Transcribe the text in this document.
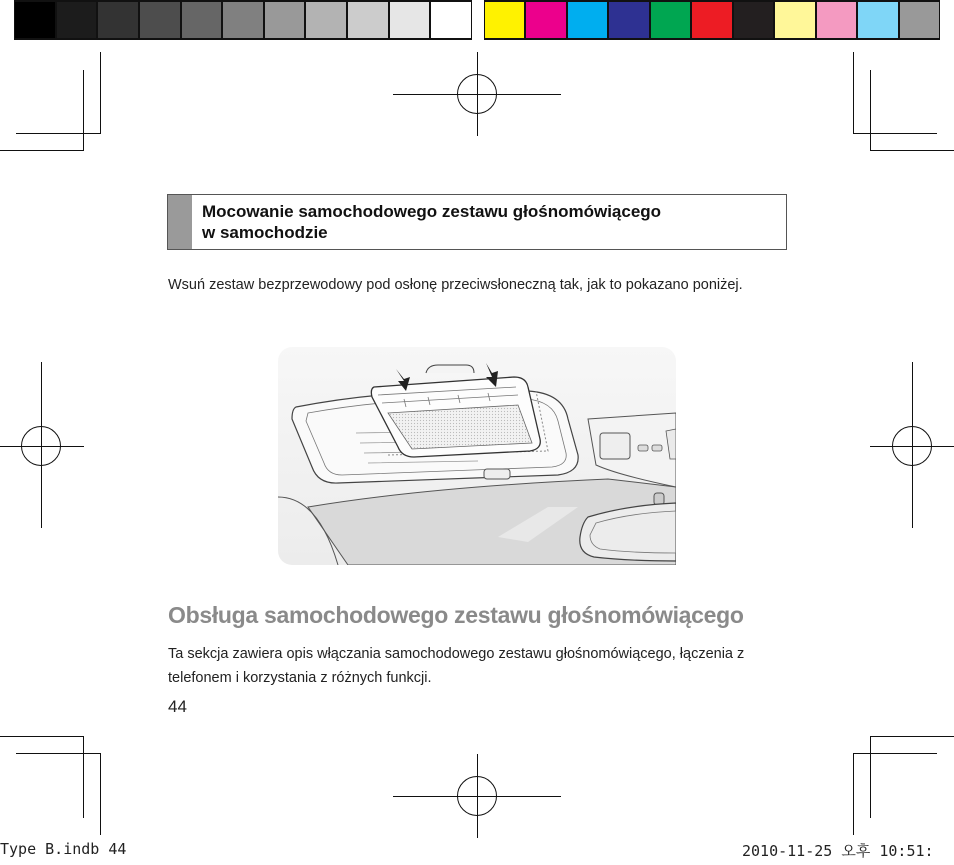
Mocowanie samochodowego zestawu głośnomówiącego
w samochodzie
Wsuń zestaw bezprzewodowy pod osłonę przeciwsłoneczną tak, jak to pokazano poniżej.
Obsługa samochodowego zestawu głośnomówiącego
Ta sekcja zawiera opis włączania samochodowego zestawu głośnomówiącego, łączenia z telefonem i korzystania z różnych funkcji.
44
Type B.indb 44	2010-11-25 오후 10:51:
